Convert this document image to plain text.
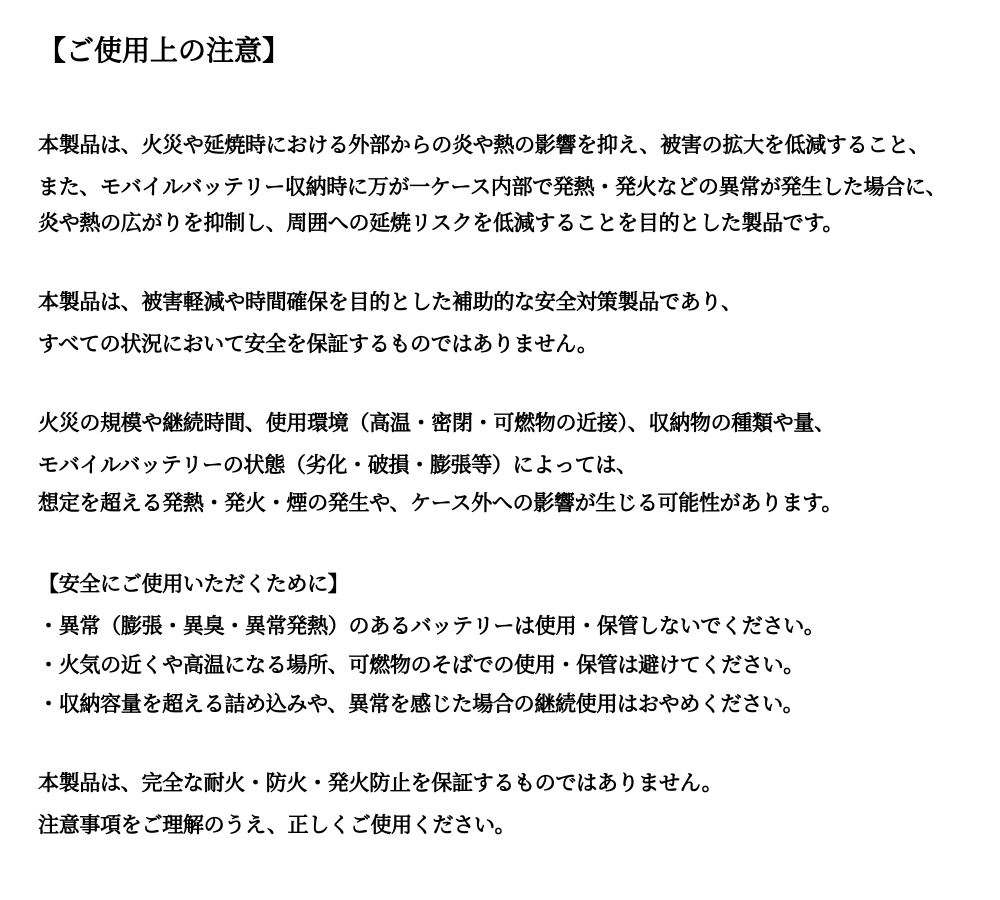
【ご使用上の注意】
本製品は、火災や延焼時における外部からの炎や熱の影響を抑え、被害の拡大を低減すること、
また、モバイルバッテリー収納時に万が一ケース内部で発熱・発火などの異常が発生した場合に、
炎や熱の広がりを抑制し、周囲への延焼リスクを低減することを目的とした製品です。
本製品は、被害軽減や時間確保を目的とした補助的な安全対策製品であり、
すべての状況において安全を保証するものではありません。
火災の規模や継続時間、使用環境（高温・密閉・可燃物の近接）、収納物の種類や量、
モバイルバッテリーの状態（劣化・破損・膨張等）によっては、
想定を超える発熱・発火・煙の発生や、ケース外への影響が生じる可能性があります。
【安全にご使用いただくために】
・異常（膨張・異臭・異常発熱）のあるバッテリーは使用・保管しないでください。
・火気の近くや高温になる場所、可燃物のそばでの使用・保管は避けてください。
・収納容量を超える詰め込みや、異常を感じた場合の継続使用はおやめください。
本製品は、完全な耐火・防火・発火防止を保証するものではありません。
注意事項をご理解のうえ、正しくご使用ください。
